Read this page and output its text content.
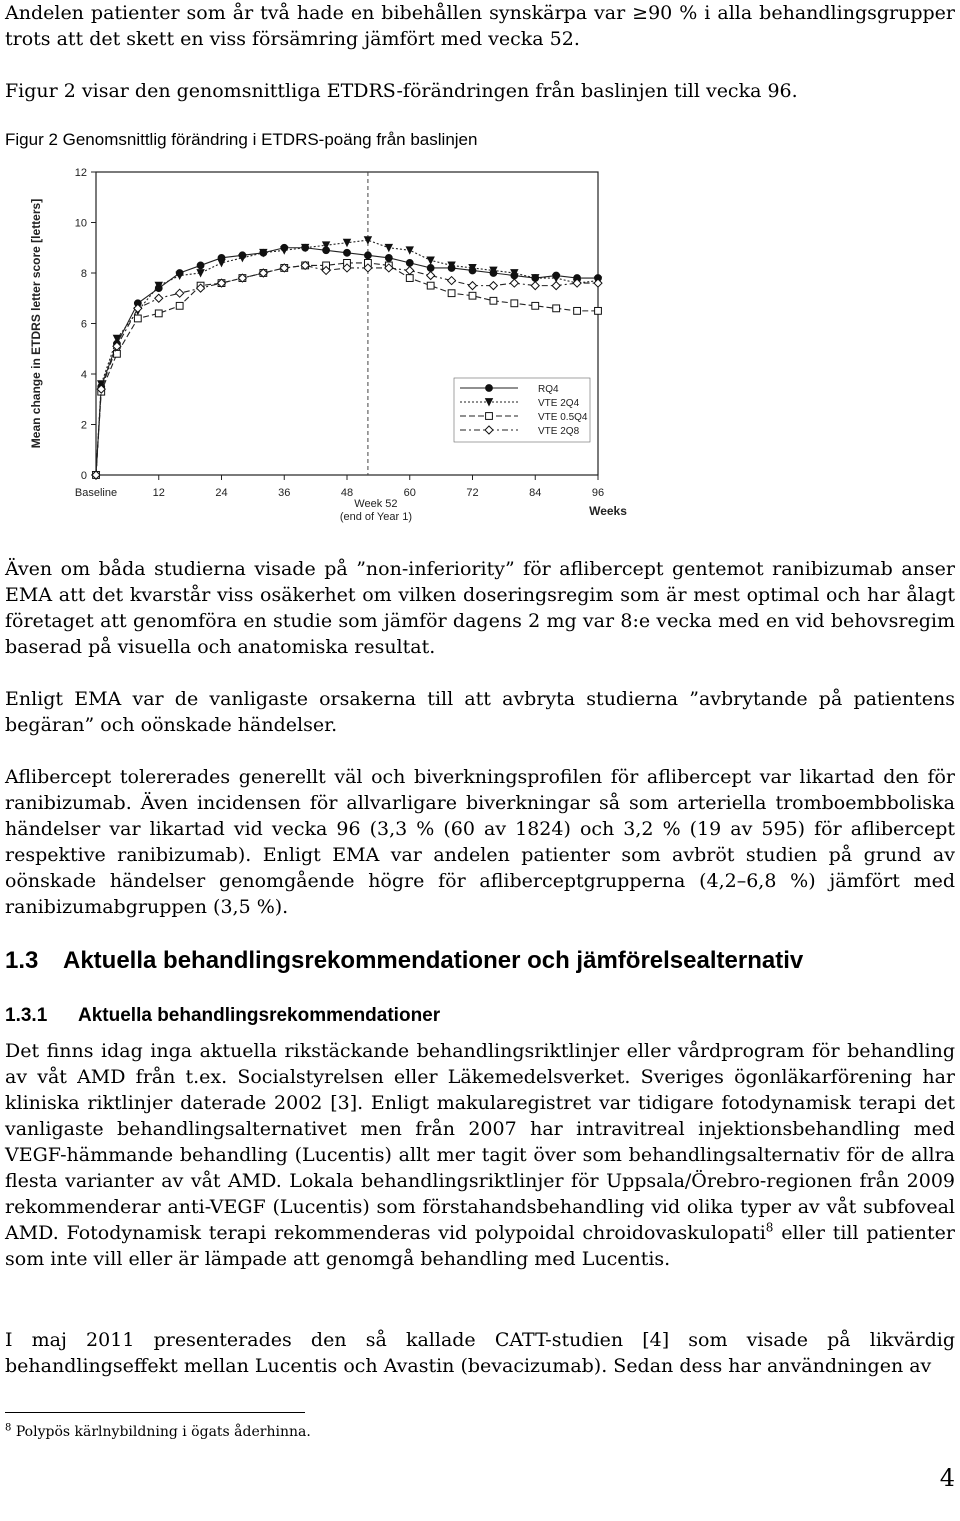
Andelen patienter som år två hade en bibehållen synskärpa var ≥90 % i alla behandlingsgrupper trots att det skett en viss försämring jämfört med vecka 52.

Figur 2 visar den genomsnittliga ETDRS-förändringen från baslinjen till vecka 96.

Figur 2 Genomsnittlig förändring i ETDRS-poäng från baslinjen

0
2
4
6
8
10
12
Baseline	12	24	36	48	60	72	84	96
Weeks
Mean change in ETDRS letter score [letters]
Week 52
(end of Year 1)
RQ4
VTE 2Q4
VTE 0.5Q4
VTE 2Q8

Även om båda studierna visade på ”non-inferiority” för aflibercept gentemot ranibizumab anser EMA att det kvarstår viss osäkerhet om vilken doseringsregim som är mest optimal och har ålagt företaget att genomföra en studie som jämför dagens 2 mg var 8:e vecka med en vid behovsregim baserad på visuella och anatomiska resultat.

Enligt EMA var de vanligaste orsakerna till att avbryta studierna ”avbrytande på patientens begäran” och oönskade händelser.

Aflibercept tolererades generellt väl och biverkningsprofilen för aflibercept var likartad den för ranibizumab. Även incidensen för allvarligare biverkningar så som arteriella tromboembboliska händelser var likartad vid vecka 96 (3,3 % (60 av 1824) och 3,2 % (19 av 595) för aflibercept respektive ranibizumab). Enligt EMA var andelen patienter som avbröt studien på grund av oönskade händelser genomgående högre för afliberceptgrupperna (4,2–6,8 %) jämfört med ranibizumabgruppen (3,5 %).

1.3 Aktuella behandlingsrekommendationer och jämförelsealternativ
1.3.1 Aktuella behandlingsrekommendationer

Det finns idag inga aktuella rikstäckande behandlingsriktlinjer eller vårdprogram för behandling av våt AMD från t.ex. Socialstyrelsen eller Läkemedelsverket. Sveriges ögonläkarförening har kliniska riktlinjer daterade 2002 [3]. Enligt makularegistret var tidigare fotodynamisk terapi det vanligaste behandlingsalternativet men från 2007 har intravitreal injektionsbehandling med VEGF-hämmande behandling (Lucentis) allt mer tagit över som behandlingsalternativ för de allra flesta varianter av våt AMD. Lokala behandlingsriktlinjer för Uppsala/Örebro-regionen från 2009 rekommenderar anti-VEGF (Lucentis) som förstahandsbehandling vid olika typer av våt subfoveal AMD. Fotodynamisk terapi rekommenderas vid polypoidal chroidovaskulopati$^8$ eller till patienter som inte vill eller är lämpade att genomgå behandling med Lucentis.

I maj 2011 presenterades den så kallade CATT-studien [4] som visade på likvärdig behandlingseffekt mellan Lucentis och Avastin (bevacizumab). Sedan dess har användningen av

$^8$ Polypös kärlnybildning i ögats åderhinna.

4
